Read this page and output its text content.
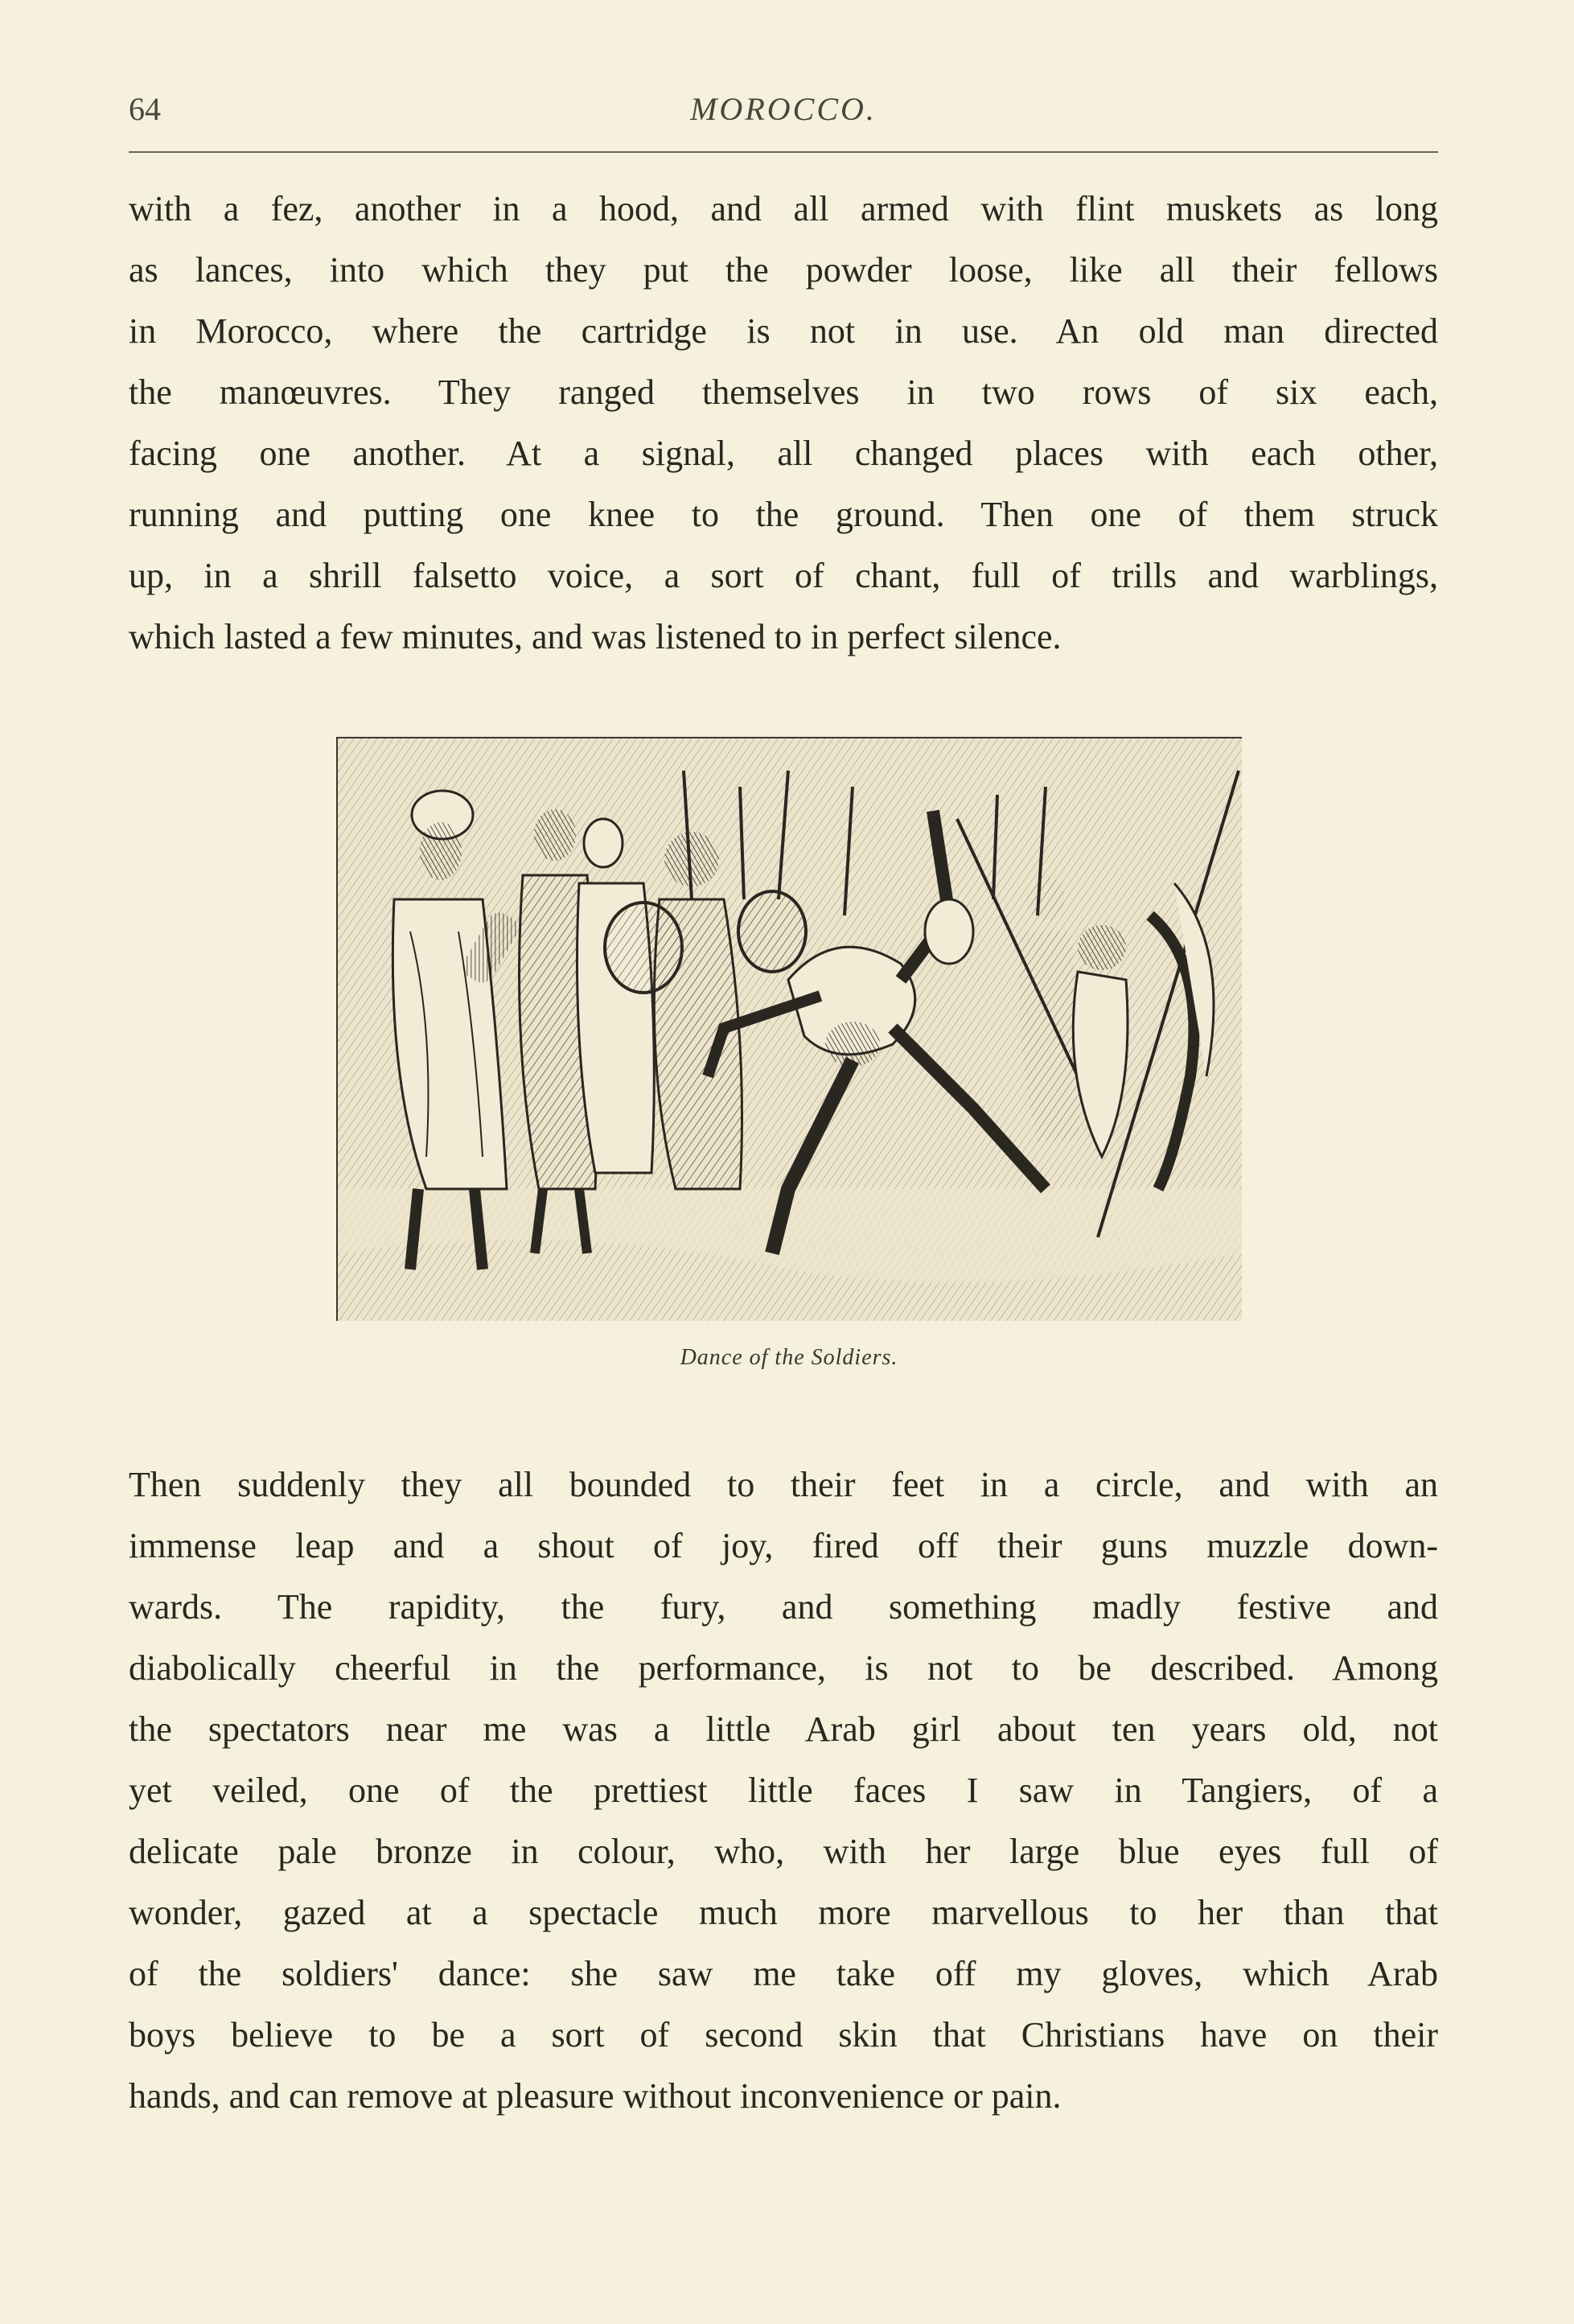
64	MOROCCO.
with a fez, another in a hood, and all armed with flint muskets as long
as lances, into which they put the powder loose, like all their fellows
in Morocco, where the cartridge is not in use. An old man directed
the manœuvres. They ranged themselves in two rows of six each,
facing one another. At a signal, all changed places with each other,
running and putting one knee to the ground. Then one of them struck
up, in a shrill falsetto voice, a sort of chant, full of trills and warblings,
which lasted a few minutes, and was listened to in perfect silence.
Dance of the Soldiers.
Then suddenly they all bounded to their feet in a circle, and with an
immense leap and a shout of joy, fired off their guns muzzle down-
wards. The rapidity, the fury, and something madly festive and
diabolically cheerful in the performance, is not to be described. Among
the spectators near me was a little Arab girl about ten years old, not
yet veiled, one of the prettiest little faces I saw in Tangiers, of a
delicate pale bronze in colour, who, with her large blue eyes full of
wonder, gazed at a spectacle much more marvellous to her than that
of the soldiers' dance: she saw me take off my gloves, which Arab
boys believe to be a sort of second skin that Christians have on their
hands, and can remove at pleasure without inconvenience or pain.
